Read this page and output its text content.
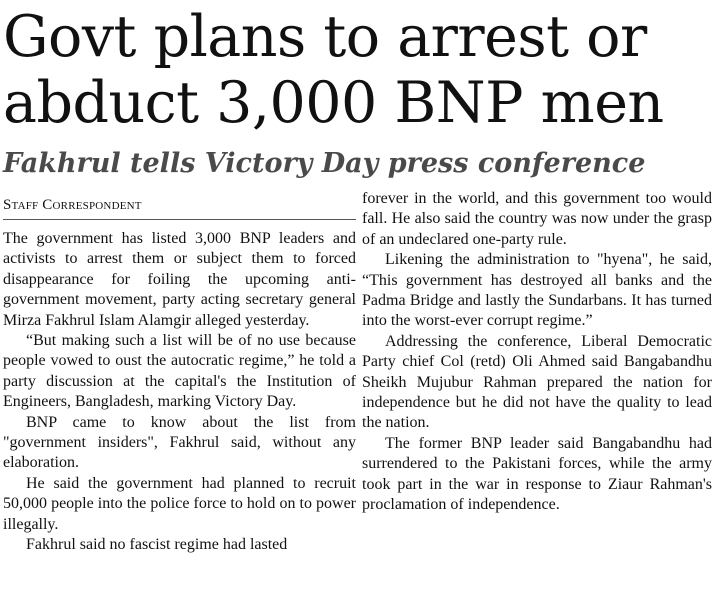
Govt plans to arrest or
abduct 3,000 BNP men
Fakhrul tells Victory Day press conference
Staff Correspondent

The government has listed 3,000 BNP leaders and activists to arrest them or subject them to forced disappearance for foiling the upcoming anti-government movement, party acting secretary general Mirza Fakhrul Islam Alamgir alleged yesterday.

“But making such a list will be of no use because people vowed to oust the autocratic regime,” he told a party discussion at the capital's the Institution of Engineers, Bangladesh, marking Victory Day.

BNP came to know about the list from "government insiders", Fakhrul said, without any elaboration.

He said the government had planned to recruit 50,000 people into the police force to hold on to power illegally.

Fakhrul said no fascist regime had lasted

forever in the world, and this government too would fall. He also said the country was now under the grasp of an undeclared one-party rule.

Likening the administration to "hyena", he said, “This government has destroyed all banks and the Padma Bridge and lastly the Sundarbans. It has turned into the worst-ever corrupt regime.”

Addressing the conference, Liberal Democratic Party chief Col (retd) Oli Ahmed said Bangabandhu Sheikh Mujubur Rahman prepared the nation for independence but he did not have the quality to lead the nation.

The former BNP leader said Bangabandhu had surrendered to the Pakistani forces, while the army took part in the war in response to Ziaur Rahman's proclamation of independence.
